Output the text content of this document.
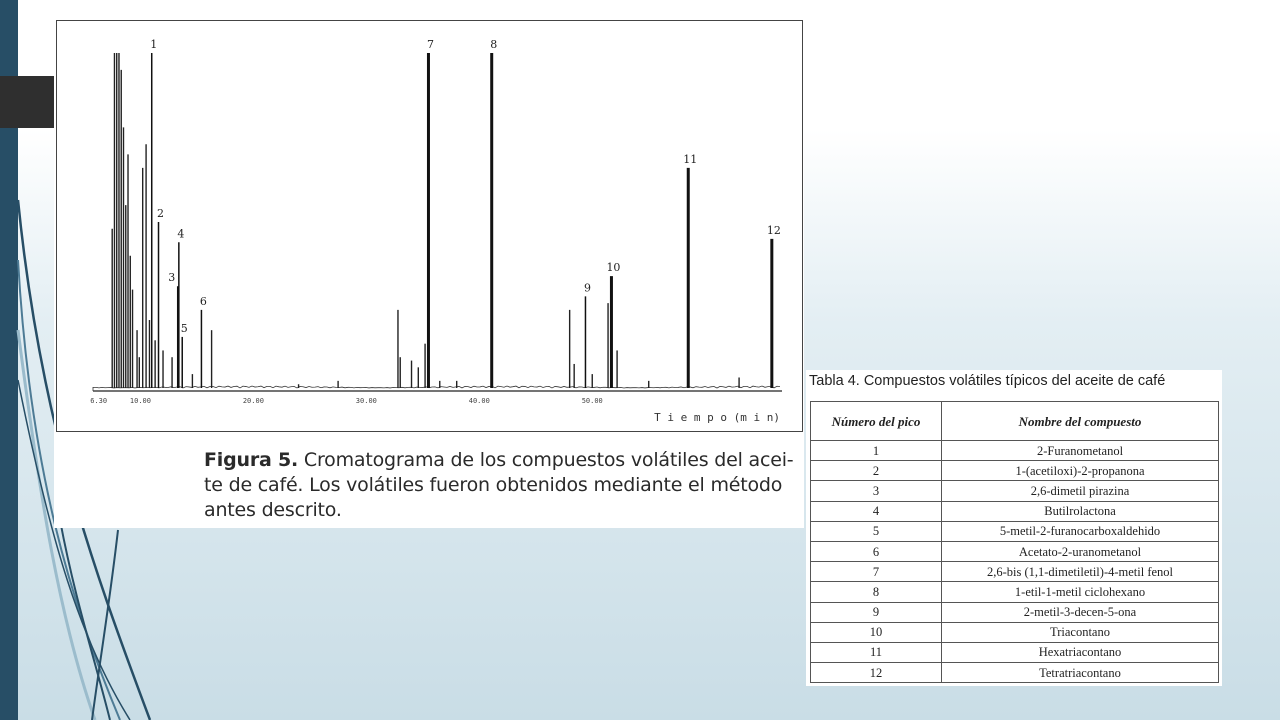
1
2
3
4
5
6
7	8
9
10
11
12
6.30	10.00	20.00	30.00	40.00	50.00
T i e m p o (m i n)
Figura 5. Cromatograma de los compuestos volátiles del acei-te de café. Los volátiles fueron obtenidos mediante el método antes descrito.
Tabla 4. Compuestos volátiles típicos del aceite de café
Número del pico	Nombre del compuesto
1	2-Furanometanol
2	1-(acetiloxi)-2-propanona
3	2,6-dimetil pirazina
4	Butilrolactona
5	5-metil-2-furanocarboxaldehido
6	Acetato-2-uranometanol
7	2,6-bis (1,1-dimetiletil)-4-metil fenol
8	1-etil-1-metil ciclohexano
9	2-metil-3-decen-5-ona
10	Triacontano
11	Hexatriacontano
12	Tetratriacontano
